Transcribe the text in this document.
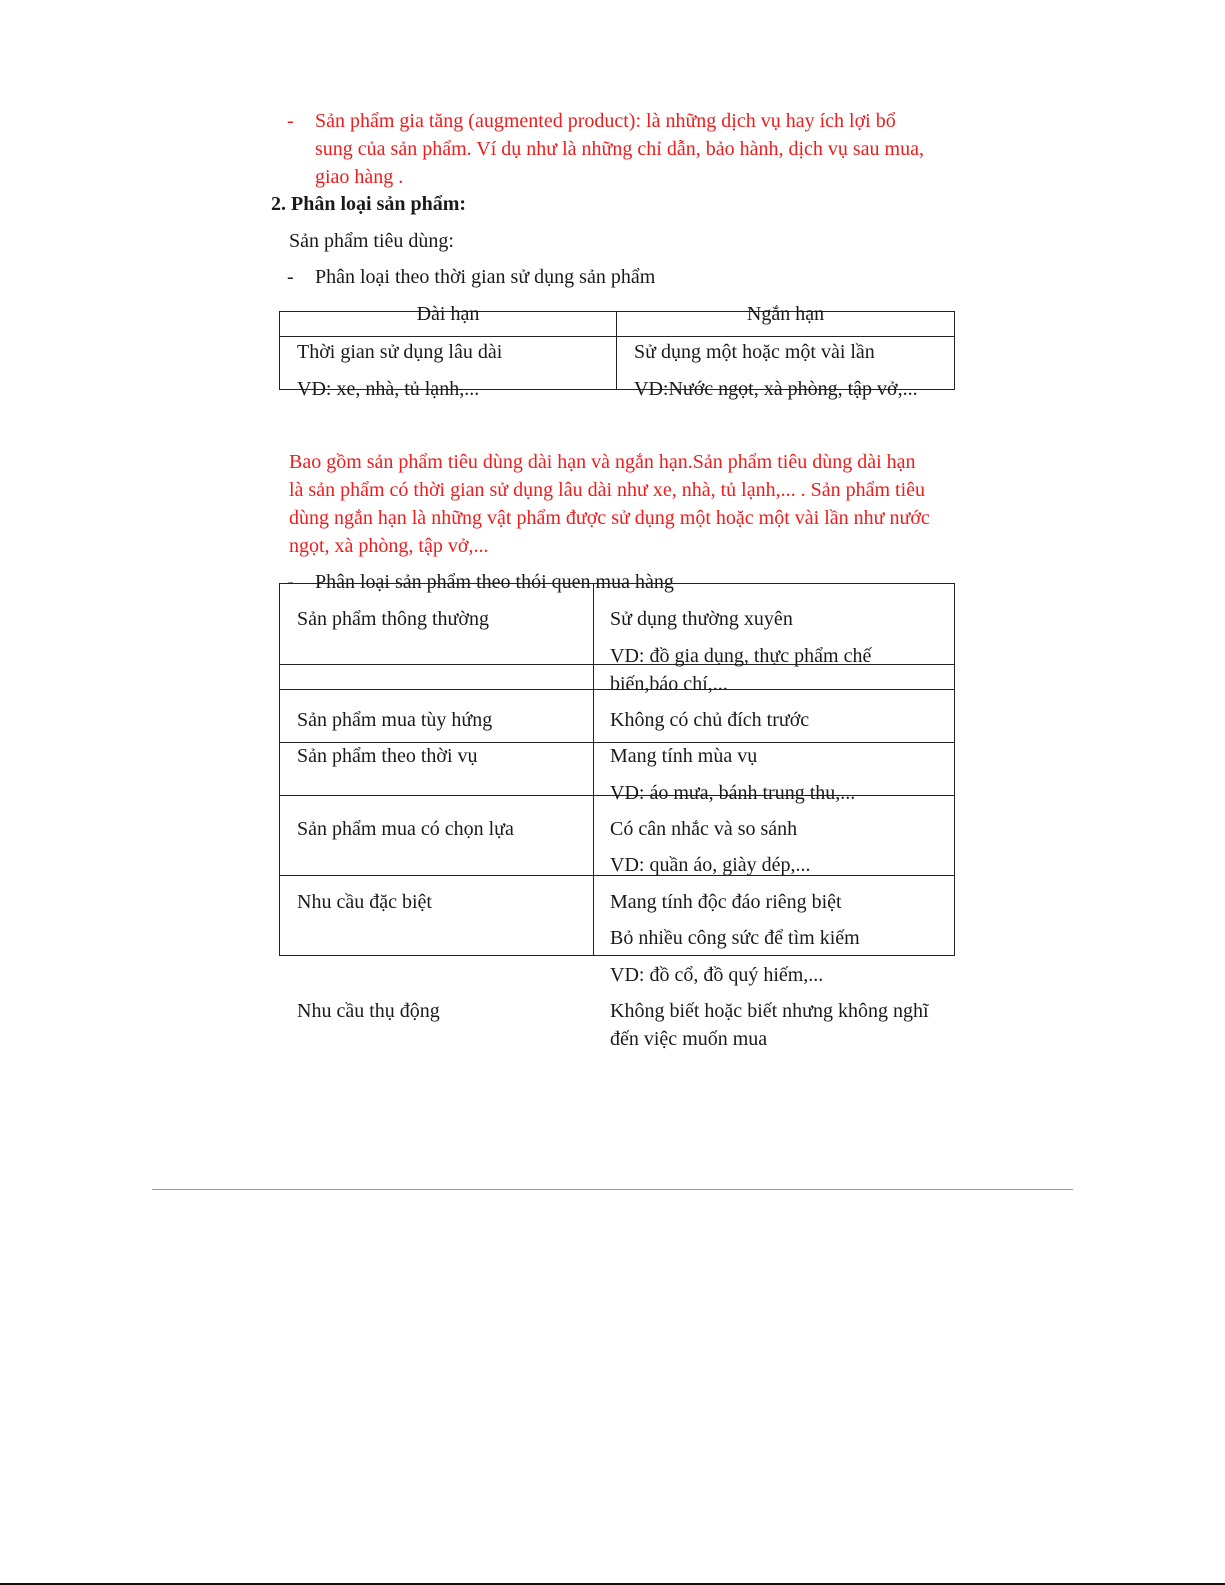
- Sản phẩm gia tăng (augmented product): là những dịch vụ hay ích lợi bổ
sung của sản phẩm. Ví dụ như là những chỉ dẫn, bảo hành, dịch vụ sau mua,
giao hàng .
2. Phân loại sản phẩm:
Sản phẩm tiêu dùng:
- Phân loại theo thời gian sử dụng sản phẩm
Dài hạn	Ngắn hạn
Thời gian sử dụng lâu dài	Sử dụng một hoặc một vài lần
VD: xe, nhà, tủ lạnh,...	VD:Nước ngọt, xà phòng, tập vở,...
Bao gồm sản phẩm tiêu dùng dài hạn và ngắn hạn.Sản phẩm tiêu dùng dài hạn
là sản phẩm có thời gian sử dụng lâu dài như xe, nhà, tủ lạnh,... . Sản phẩm tiêu
dùng ngắn hạn là những vật phẩm được sử dụng một hoặc một vài lần như nước
ngọt, xà phòng, tập vở,...
- Phân loại sản phẩm theo thói quen mua hàng
Sản phẩm thông thường	Sử dụng thường xuyên
VD: đồ gia dụng, thực phẩm chế
biến,báo chí,...
Sản phẩm mua tùy hứng	Không có chủ đích trước
Sản phẩm theo thời vụ	Mang tính mùa vụ
VD: áo mưa, bánh trung thu,...
Sản phẩm mua có chọn lựa	Có cân nhắc và so sánh
VD: quần áo, giày dép,...
Nhu cầu đặc biệt	Mang tính độc đáo riêng biệt
Bỏ nhiều công sức để tìm kiếm
VD: đồ cổ, đồ quý hiếm,...
Nhu cầu thụ động	Không biết hoặc biết nhưng không nghĩ
đến việc muốn mua
